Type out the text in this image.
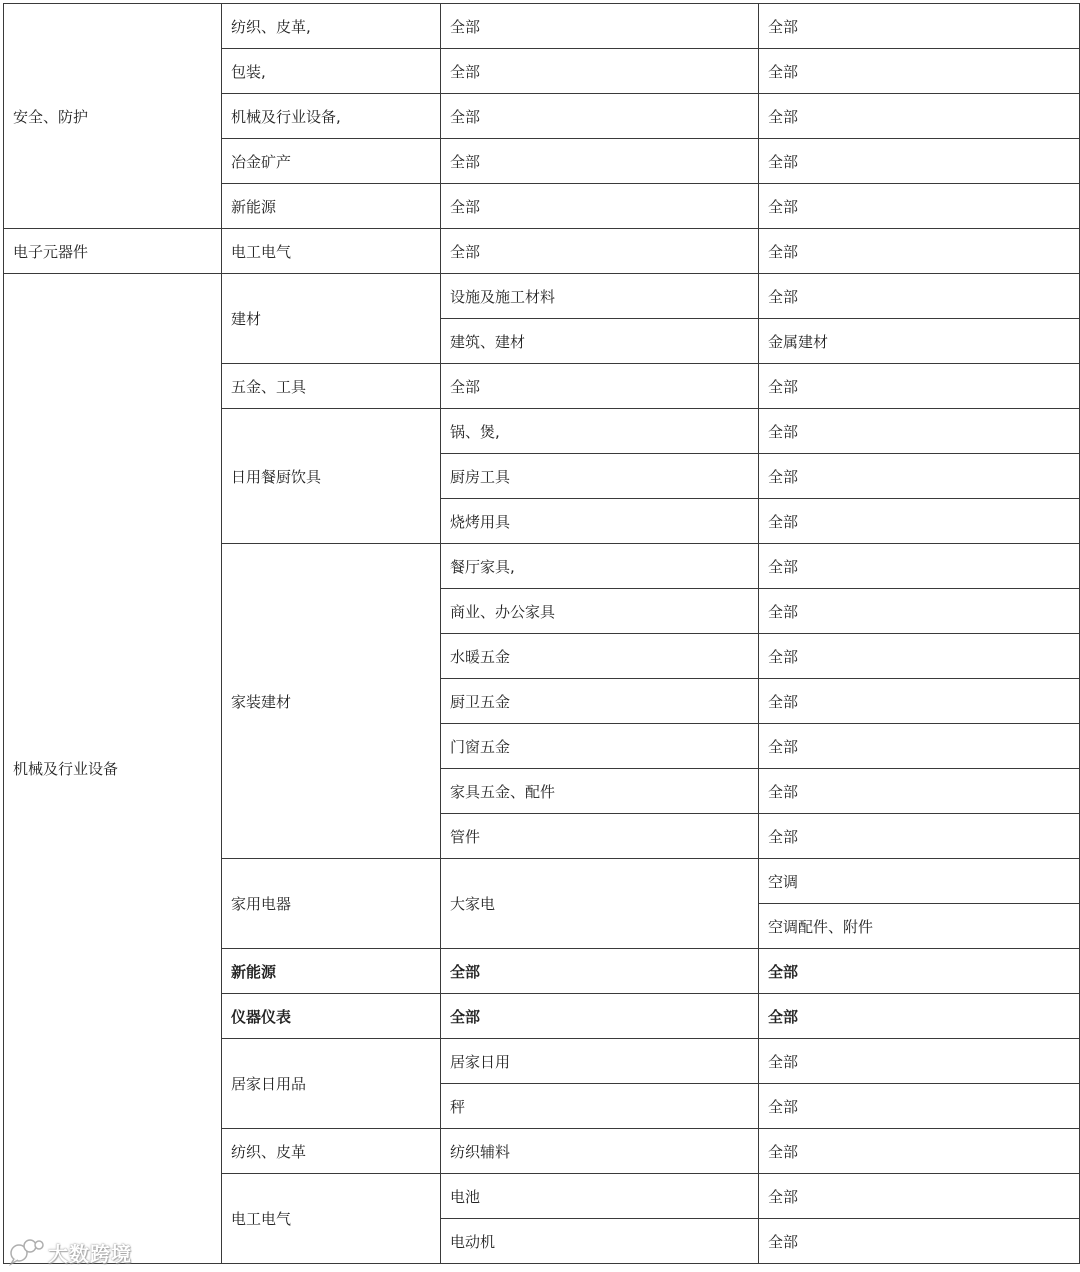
安全、防护	纺织、皮革,	全部	全部
	包装,	全部	全部
	机械及行业设备,	全部	全部
	冶金矿产	全部	全部
	新能源	全部	全部
电子元器件	电工电气	全部	全部
机械及行业设备	建材	设施及施工材料	全部
		建筑、建材	金属建材
	五金、工具	全部	全部
	日用餐厨饮具	锅、煲,	全部
		厨房工具	全部
		烧烤用具	全部
	家装建材	餐厅家具,	全部
		商业、办公家具	全部
		水暖五金	全部
		厨卫五金	全部
		门窗五金	全部
		家具五金、配件	全部
		管件	全部
	家用电器	大家电	空调
			空调配件、附件
	新能源	全部	全部
	仪器仪表	全部	全部
	居家日用品	居家日用	全部
		秤	全部
	纺织、皮革	纺织辅料	全部
	电工电气	电池	全部
		电动机	全部
大数跨境
